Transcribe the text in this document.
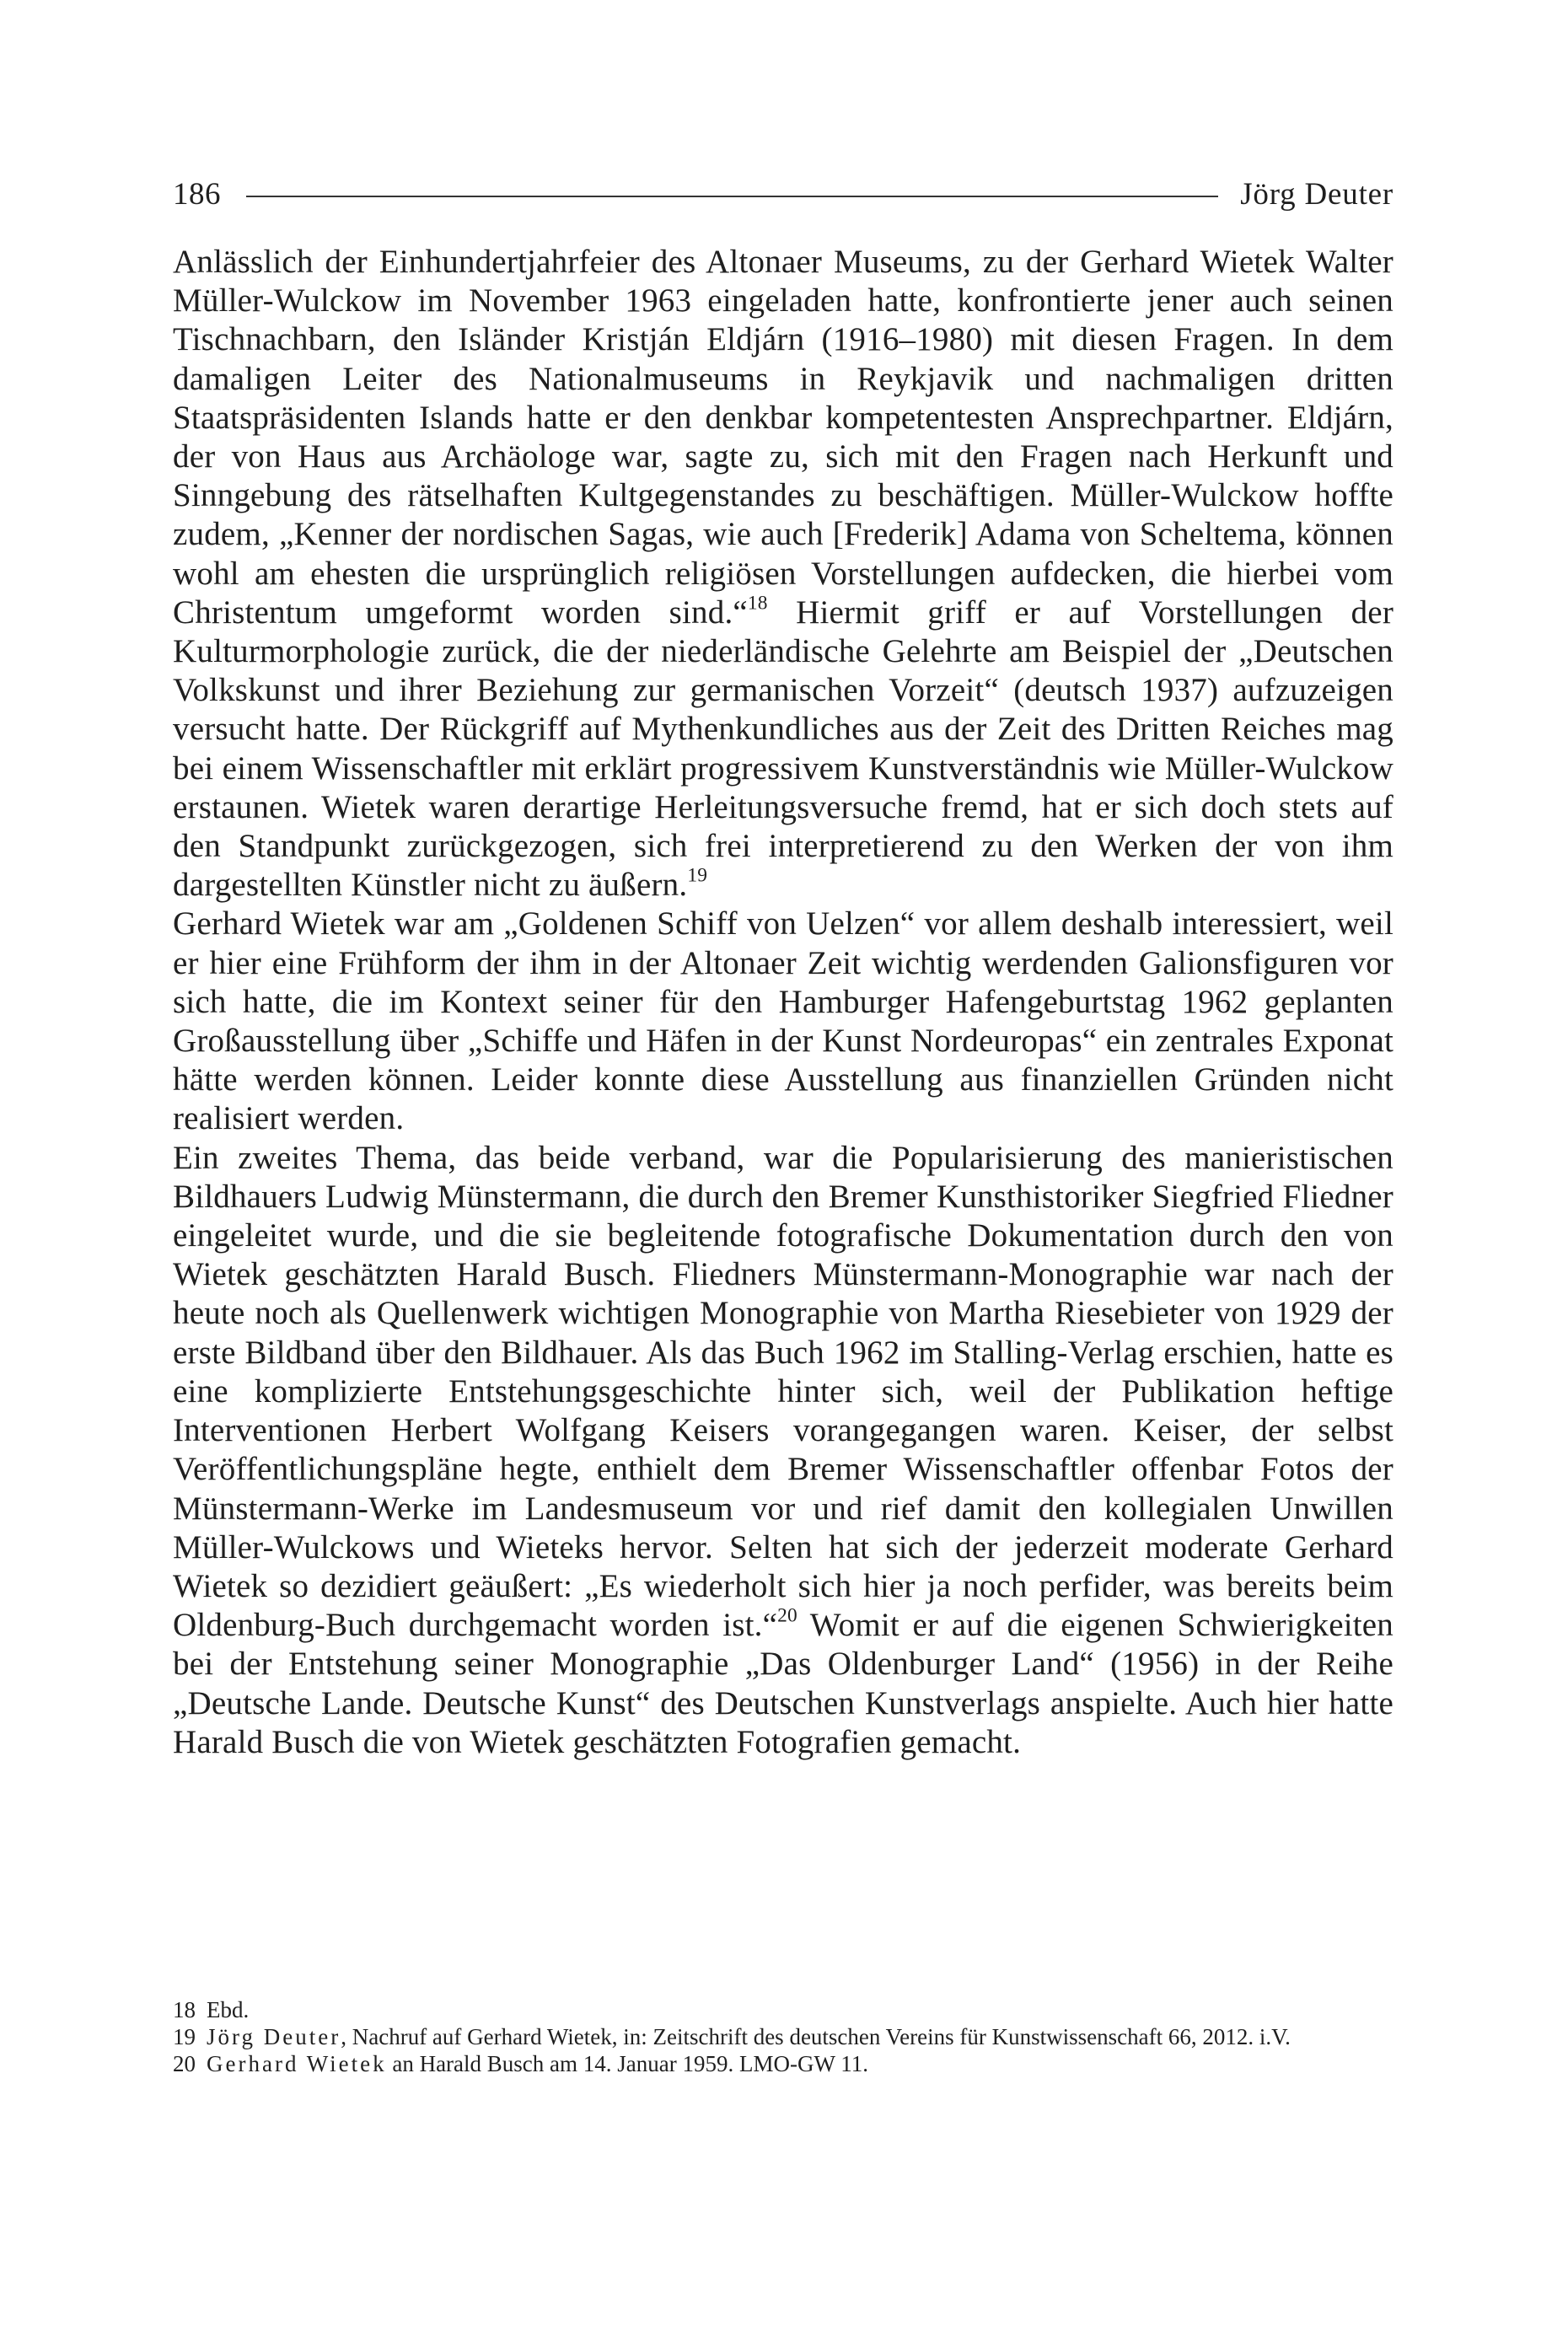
186	Jörg Deuter

Anlässlich der Einhundertjahrfeier des Altonaer Museums, zu der Gerhard Wietek Walter Müller-Wulckow im November 1963 eingeladen hatte, konfrontierte jener auch seinen Tischnachbarn, den Isländer Kristján Eldjárn (1916–1980) mit diesen Fragen. In dem damaligen Leiter des Nationalmuseums in Reykjavik und nachmaligen dritten Staatspräsidenten Islands hatte er den denkbar kompetentesten Ansprechpartner. Eldjárn, der von Haus aus Archäologe war, sagte zu, sich mit den Fragen nach Herkunft und Sinngebung des rätselhaften Kultgegenstandes zu beschäftigen. Müller-Wulckow hoffte zudem, „Kenner der nordischen Sagas, wie auch [Frederik] Adama von Scheltema, können wohl am ehesten die ursprünglich religiösen Vorstellungen aufdecken, die hierbei vom Christentum umgeformt worden sind.“$^{18}$ Hiermit griff er auf Vorstellungen der Kulturmorphologie zurück, die der niederländische Gelehrte am Beispiel der „Deutschen Volkskunst und ihrer Beziehung zur germanischen Vorzeit“ (deutsch 1937) aufzuzeigen versucht hatte. Der Rückgriff auf Mythenkundliches aus der Zeit des Dritten Reiches mag bei einem Wissenschaftler mit erklärt progressivem Kunstverständnis wie Müller-Wulckow erstaunen. Wietek waren derartige Herleitungsversuche fremd, hat er sich doch stets auf den Standpunkt zurückgezogen, sich frei interpretierend zu den Werken der von ihm dargestellten Künstler nicht zu äußern.$^{19}$

Gerhard Wietek war am „Goldenen Schiff von Uelzen“ vor allem deshalb interessiert, weil er hier eine Frühform der ihm in der Altonaer Zeit wichtig werdenden Galionsfiguren vor sich hatte, die im Kontext seiner für den Hamburger Hafengeburtstag 1962 geplanten Großausstellung über „Schiffe und Häfen in der Kunst Nordeuropas“ ein zentrales Exponat hätte werden können. Leider konnte diese Ausstellung aus finanziellen Gründen nicht realisiert werden.

Ein zweites Thema, das beide verband, war die Popularisierung des manieristischen Bildhauers Ludwig Münstermann, die durch den Bremer Kunsthistoriker Siegfried Fliedner eingeleitet wurde, und die sie begleitende fotografische Dokumentation durch den von Wietek geschätzten Harald Busch. Fliedners Münstermann-Monographie war nach der heute noch als Quellenwerk wichtigen Monographie von Martha Riesebieter von 1929 der erste Bildband über den Bildhauer. Als das Buch 1962 im Stalling-Verlag erschien, hatte es eine komplizierte Entstehungsgeschichte hinter sich, weil der Publikation heftige Interventionen Herbert Wolfgang Keisers vorangegangen waren. Keiser, der selbst Veröffentlichungspläne hegte, enthielt dem Bremer Wissenschaftler offenbar Fotos der Münstermann-Werke im Landesmuseum vor und rief damit den kollegialen Unwillen Müller-Wulckows und Wieteks hervor. Selten hat sich der jederzeit moderate Gerhard Wietek so dezidiert geäußert: „Es wiederholt sich hier ja noch perfider, was bereits beim Oldenburg-Buch durchgemacht worden ist.“$^{20}$ Womit er auf die eigenen Schwierigkeiten bei der Entstehung seiner Monographie „Das Oldenburger Land“ (1956) in der Reihe „Deutsche Lande. Deutsche Kunst“ des Deutschen Kunstverlags anspielte. Auch hier hatte Harald Busch die von Wietek geschätzten Fotografien gemacht.

18 Ebd.

19 Jörg Deuter, Nachruf auf Gerhard Wietek, in: Zeitschrift des deutschen Vereins für Kunstwissenschaft 66, 2012. i.V.

20 Gerhard Wietek an Harald Busch am 14. Januar 1959. LMO-GW 11.
